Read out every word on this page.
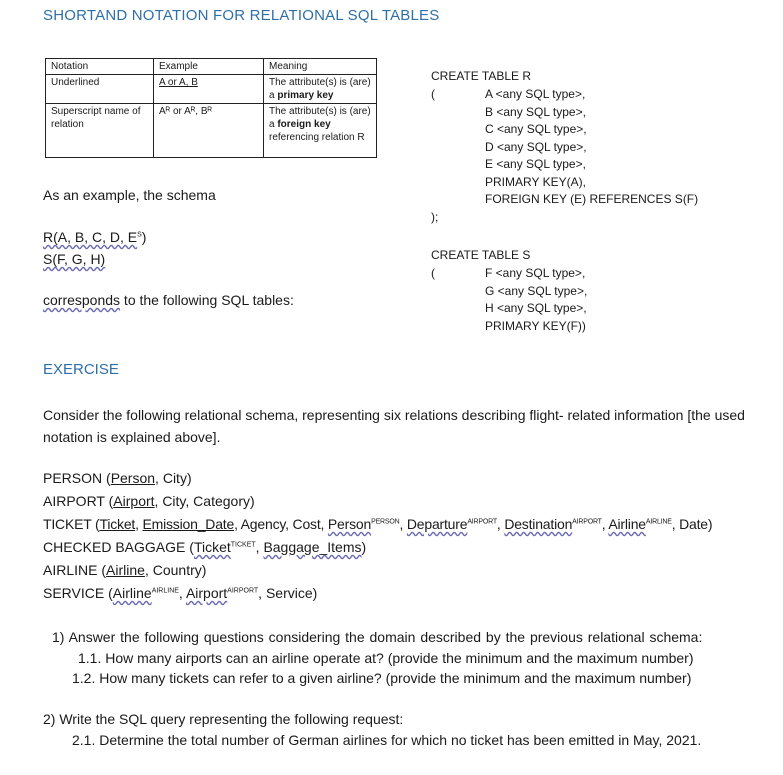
SHORTAND NOTATION FOR RELATIONAL SQL TABLES
Notation	Example	Meaning
Underlined	A or A, B	The attribute(s) is (are) a primary key
Superscript name of relation	Aᴿ or Aᴿ, Bᴿ	The attribute(s) is (are) a foreign key referencing relation R
As an example, the schema
R(A, B, C, D, $E^S$)
S(F, G, H)
corresponds to the following SQL tables:
CREATE TABLE R
(	A <any SQL type>,
B <any SQL type>,
C <any SQL type>,
D <any SQL type>,
E <any SQL type>,
PRIMARY KEY(A),
FOREIGN KEY (E) REFERENCES S(F)
);
CREATE TABLE S
(	F <any SQL type>,
G <any SQL type>,
H <any SQL type>,
PRIMARY KEY(F))
EXERCISE
Consider the following relational schema, representing six relations describing flight- related information [the used notation is explained above].
PERSON (Person, City)
AIRPORT (Airport, City, Category)
TICKET (Ticket, Emission_Date, Agency, Cost, Person$^{PERSON}$, Departure$^{AIRPORT}$, Destination$^{AIRPORT}$, Airline$^{AIRLINE}$, Date)
CHECKED BAGGAGE (Ticket$^{TICKET}$, Baggage_Items)
AIRLINE (Airline, Country)
SERVICE (Airline$^{AIRLINE}$, Airport$^{AIRPORT}$, Service)
1) Answer the following questions considering the domain described by the previous relational schema:
1.1. How many airports can an airline operate at? (provide the minimum and the maximum number)
1.2. How many tickets can refer to a given airline? (provide the minimum and the maximum number)
2) Write the SQL query representing the following request:
2.1. Determine the total number of German airlines for which no ticket has been emitted in May, 2021.
